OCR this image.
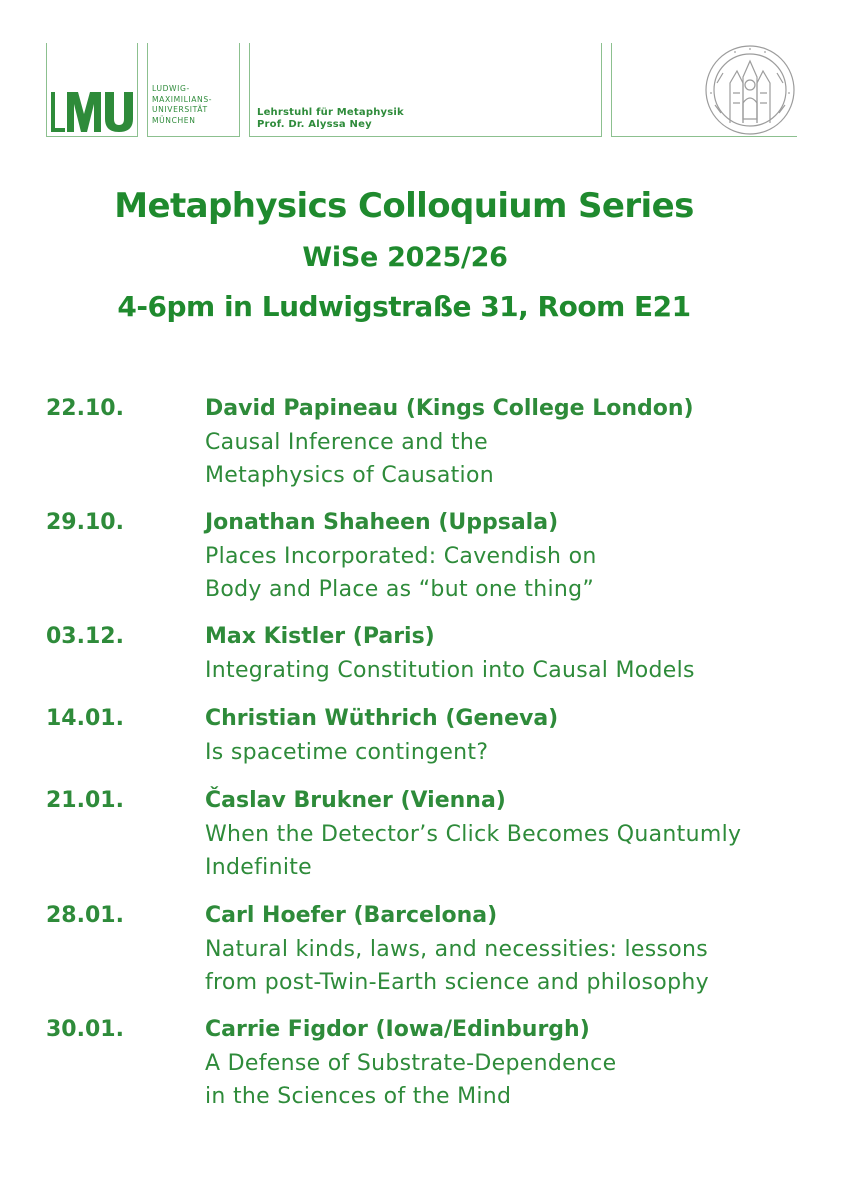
LUDWIG-
MAXIMILIANS-
UNIVERSITÄT
MÜNCHEN
Lehrstuhl für Metaphysik
Prof. Dr. Alyssa Ney
Metaphysics Colloquium Series
WiSe 2025/26
4-6pm in Ludwigstraße 31, Room E21
22.10.	David Papineau (Kings College London)
Causal Inference and the
Metaphysics of Causation
29.10.	Jonathan Shaheen (Uppsala)
Places Incorporated: Cavendish on
Body and Place as “but one thing”
03.12.	Max Kistler (Paris)
Integrating Constitution into Causal Models
14.01.	Christian Wüthrich (Geneva)
Is spacetime contingent?
21.01.	Časlav Brukner (Vienna)
When the Detector’s Click Becomes Quantumly
Indefinite
28.01.	Carl Hoefer (Barcelona)
Natural kinds, laws, and necessities: lessons
from post-Twin-Earth science and philosophy
30.01.	Carrie Figdor (Iowa/Edinburgh)
A Defense of Substrate-Dependence
in the Sciences of the Mind
